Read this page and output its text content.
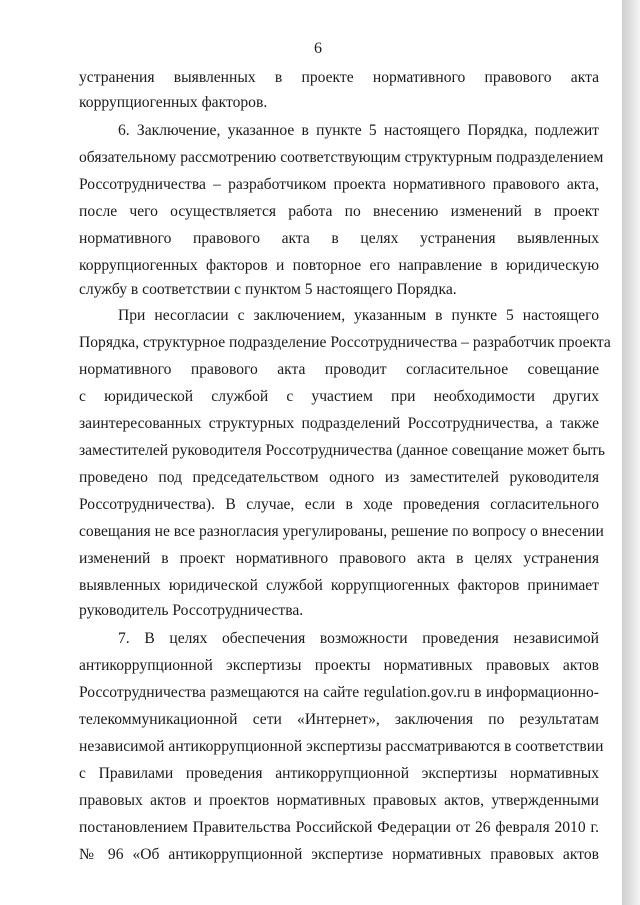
6
устранения выявленных в проекте нормативного правового акта
коррупциогенных факторов.
6. Заключение, указанное в пункте 5 настоящего Порядка, подлежит
обязательному рассмотрению соответствующим структурным подразделением
Россотрудничества – разработчиком проекта нормативного правового акта,
после чего осуществляется работа по внесению изменений в проект
нормативного правового акта в целях устранения выявленных
коррупциогенных факторов и повторное его направление в юридическую
службу в соответствии с пунктом 5 настоящего Порядка.
При несогласии с заключением, указанным в пункте 5 настоящего
Порядка, структурное подразделение Россотрудничества – разработчик проекта
нормативного правового акта проводит согласительное совещание
с юридической службой с участием при необходимости других
заинтересованных структурных подразделений Россотрудничества, а также
заместителей руководителя Россотрудничества (данное совещание может быть
проведено под председательством одного из заместителей руководителя
Россотрудничества). В случае, если в ходе проведения согласительного
совещания не все разногласия урегулированы, решение по вопросу о внесении
изменений в проект нормативного правового акта в целях устранения
выявленных юридической службой коррупциогенных факторов принимает
руководитель Россотрудничества.
7. В целях обеспечения возможности проведения независимой
антикоррупционной экспертизы проекты нормативных правовых актов
Россотрудничества размещаются на сайте regulation.gov.ru в информационно-
телекоммуникационной сети «Интернет», заключения по результатам
независимой антикоррупционной экспертизы рассматриваются в соответствии
с Правилами проведения антикоррупционной экспертизы нормативных
правовых актов и проектов нормативных правовых актов, утвержденными
постановлением Правительства Российской Федерации от 26 февраля 2010 г.
№ 96 «Об антикоррупционной экспертизе нормативных правовых актов
